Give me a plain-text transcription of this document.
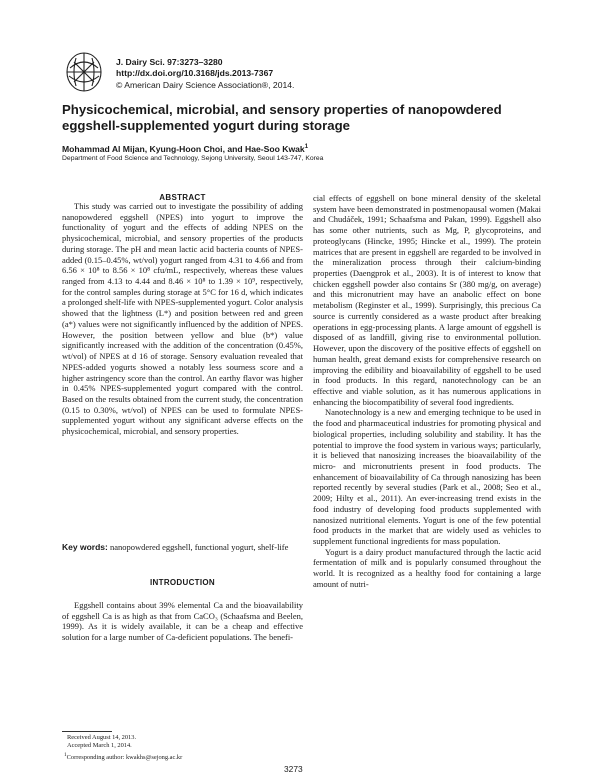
J. Dairy Sci. 97:3273–3280
http://dx.doi.org/10.3168/jds.2013-7367
© American Dairy Science Association®, 2014.
Physicochemical, microbial, and sensory properties of nanopowdered eggshell-supplemented yogurt during storage
Mohammad Al Mijan, Kyung-Hoon Choi, and Hae-Soo Kwak$^1$
Department of Food Science and Technology, Sejong University, Seoul 143-747, Korea
ABSTRACT

This study was carried out to investigate the possibility of adding nanopowdered eggshell (NPES) into yogurt to improve the functionality of yogurt and the effects of adding NPES on the physicochemical, microbial, and sensory properties of the products during storage. The pH and mean lactic acid bacteria counts of NPES-added (0.15–0.45%, wt/vol) yogurt ranged from 4.31 to 4.66 and from 6.56 × 10⁸ to 8.56 × 10⁸ cfu/mL, respectively, whereas these values ranged from 4.13 to 4.44 and 8.46 × 10⁸ to 1.39 × 10⁹, respectively, for the control samples during storage at 5°C for 16 d, which indicates a prolonged shelf-life with NPES-supplemented yogurt. Color analysis showed that the lightness (L*) and position between red and green (a*) values were not significantly influenced by the addition of NPES. However, the position between yellow and blue (b*) value significantly increased with the addition of the concentration (0.45%, wt/vol) of NPES at d 16 of storage. Sensory evaluation revealed that NPES-added yogurts showed a notably less sourness score and a higher astringency score than the control. An earthy flavor was higher in 0.45% NPES-supplemented yogurt compared with the control. Based on the results obtained from the current study, the concentration (0.15 to 0.30%, wt/vol) of NPES can be used to formulate NPES-supplemented yogurt without any significant adverse effects on the physicochemical, microbial, and sensory properties.

Key words: nanopowdered eggshell, functional yogurt, shelf-life
INTRODUCTION

Eggshell contains about 39% elemental Ca and the bioavailability of eggshell Ca is as high as that from CaCO₃ (Schaafsma and Beelen, 1999). As it is widely available, it can be a cheap and effective solution for a large number of Ca-deficient populations. The benefi-

cial effects of eggshell on bone mineral density of the skeletal system have been demonstrated in postmenopausal women (Makai and Chudáček, 1991; Schaafsma and Pakan, 1999). Eggshell also has some other nutrients, such as Mg, P, glycoproteins, and proteoglycans (Hincke, 1995; Hincke et al., 1999). The protein matrices that are present in eggshell are regarded to be involved in the mineralization process through their calcium-binding properties (Daengprok et al., 2003). It is of interest to know that chicken eggshell powder also contains Sr (380 mg/g, on average) and this micronutrient may have an anabolic effect on bone metabolism (Reginster et al., 1999). Surprisingly, this precious Ca source is currently considered as a waste product after breaking operations in egg-processing plants. A large amount of eggshell is disposed of as landfill, giving rise to environmental pollution. However, upon the discovery of the positive effects of eggshell on human health, great demand exists for comprehensive research on improving the edibility and bioavailability of eggshell to be used in food products. In this regard, nanotechnology can be an effective and viable solution, as it has numerous applications in enhancing the biocompatibility of several food ingredients.

Nanotechnology is a new and emerging technique to be used in the food and pharmaceutical industries for promoting physical and biological properties, including solubility and stability. It has the potential to improve the food system in various ways; particularly, it is believed that nanosizing increases the bioavailability of the micro- and micronutrients present in food products. The enhancement of bioavailability of Ca through nanosizing has been reported recently by several studies (Park et al., 2008; Seo et al., 2009; Hilty et al., 2011). An ever-increasing trend exists in the food industry of developing food products supplemented with nanosized nutritional elements. Yogurt is one of the few potential food products in the market that are widely used as vehicles to supplement functional ingredients for mass population.

Yogurt is a dairy product manufactured through the lactic acid fermentation of milk and is popularly consumed throughout the world. It is recognized as a healthy food for containing a large amount of nutri-

Received August 14, 2013.
Accepted March 1, 2014.
$^1$Corresponding author: kwakhs@sejong.ac.kr
3273
